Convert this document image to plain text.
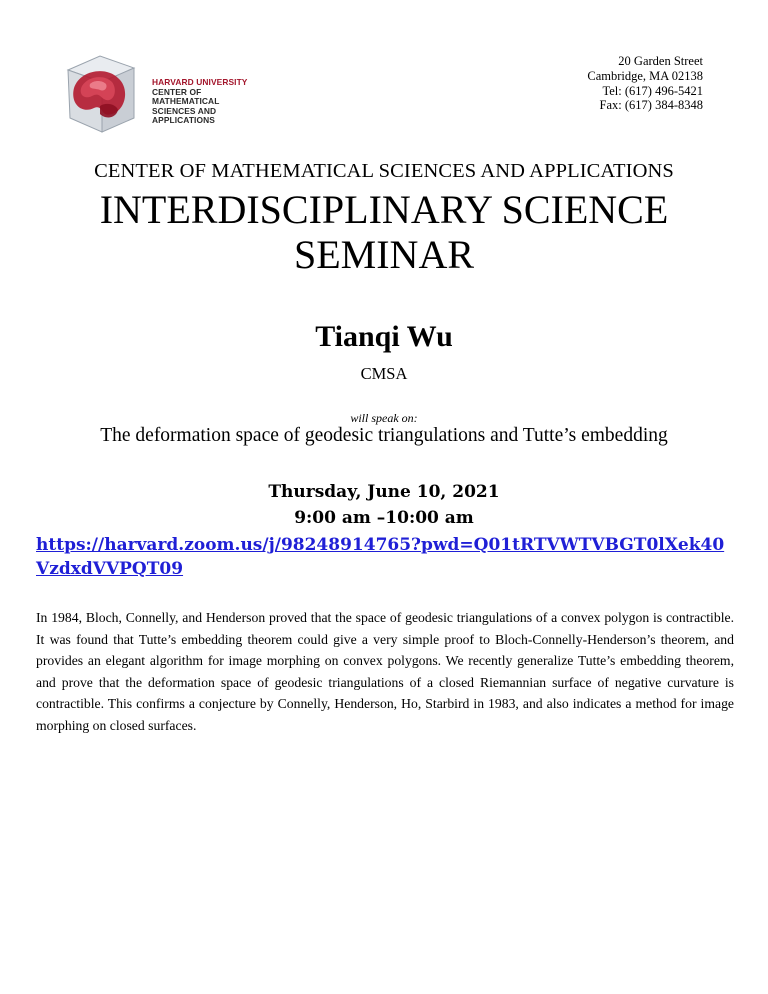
HARVARD UNIVERSITY
CENTER OF MATHEMATICAL
SCIENCES AND APPLICATIONS
20 Garden Street
Cambridge, MA 02138
Tel: (617) 496-5421
Fax: (617) 384-8348
CENTER OF MATHEMATICAL SCIENCES AND APPLICATIONS
INTERDISCIPLINARY SCIENCE
SEMINAR
Tianqi Wu
CMSA
will speak on:
The deformation space of geodesic triangulations and Tutte’s embedding
Thursday, June 10, 2021
9:00 am –10:00 am
https://harvard.zoom.us/j/98248914765?pwd=Q01tRTVWTVBGT0lXek40VzdxdVVPQT09
In 1984, Bloch, Connelly, and Henderson proved that the space of geodesic triangulations of a convex polygon is contractible. It was found that Tutte’s embedding theorem could give a very simple proof to Bloch-Connelly-Henderson’s theorem, and provides an elegant algorithm for image morphing on convex polygons. We recently generalize Tutte’s embedding theorem, and prove that the deformation space of geodesic triangulations of a closed Riemannian surface of negative curvature is contractible. This confirms a conjecture by Connelly, Henderson, Ho, Starbird in 1983, and also indicates a method for image morphing on closed surfaces.
